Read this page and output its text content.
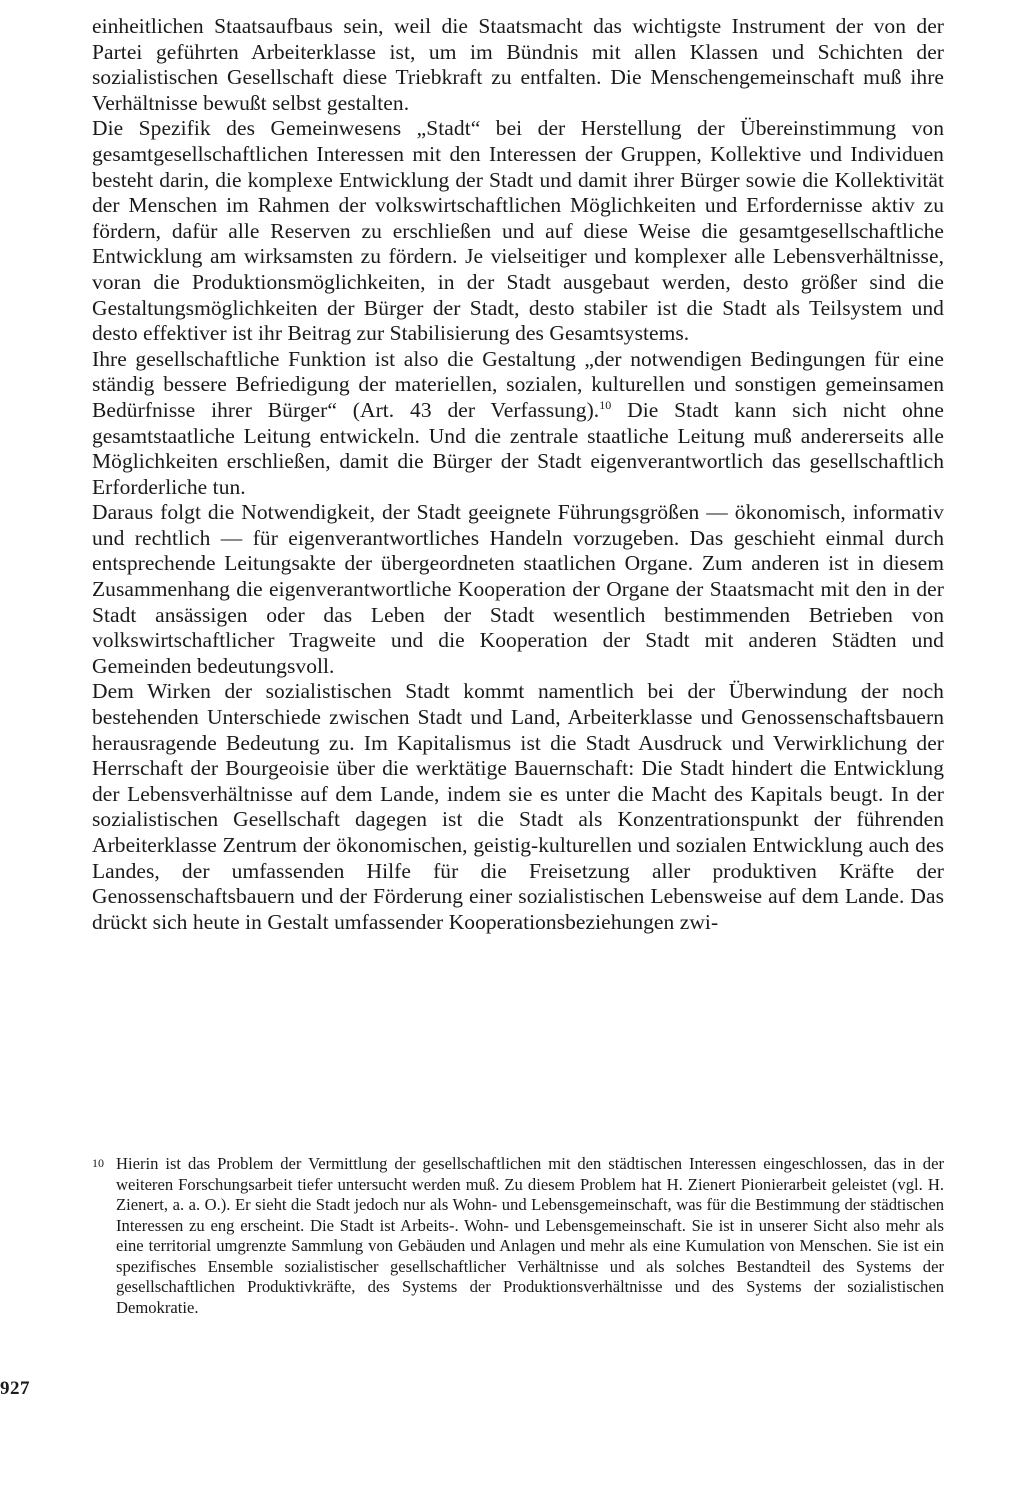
einheitlichen Staatsaufbaus sein, weil die Staatsmacht das wichtigste Instrument der von der Partei geführten Arbeiterklasse ist, um im Bündnis mit allen Klassen und Schichten der sozialistischen Gesellschaft diese Triebkraft zu entfalten. Die Menschengemeinschaft muß ihre Verhältnisse bewußt selbst gestalten.

Die Spezifik des Gemeinwesens „Stadt“ bei der Herstellung der Übereinstimmung von gesamtgesellschaftlichen Interessen mit den Interessen der Gruppen, Kollektive und Individuen besteht darin, die komplexe Entwicklung der Stadt und damit ihrer Bürger sowie die Kollektivität der Menschen im Rahmen der volkswirtschaftlichen Möglichkeiten und Erfordernisse aktiv zu fördern, dafür alle Reserven zu erschließen und auf diese Weise die gesamtgesellschaftliche Entwicklung am wirksamsten zu fördern. Je vielseitiger und komplexer alle Lebensverhältnisse, voran die Produktionsmöglichkeiten, in der Stadt ausgebaut werden, desto größer sind die Gestaltungsmöglichkeiten der Bürger der Stadt, desto stabiler ist die Stadt als Teilsystem und desto effektiver ist ihr Beitrag zur Stabilisierung des Gesamtsystems.

Ihre gesellschaftliche Funktion ist also die Gestaltung „der notwendigen Bedingungen für eine ständig bessere Befriedigung der materiellen, sozialen, kulturellen und sonstigen gemeinsamen Bedürfnisse ihrer Bürger“ (Art. 43 der Verfassung).$^{10}$ Die Stadt kann sich nicht ohne gesamtstaatliche Leitung entwickeln. Und die zentrale staatliche Leitung muß andererseits alle Möglichkeiten erschließen, damit die Bürger der Stadt eigenverantwortlich das gesellschaftlich Erforderliche tun.

Daraus folgt die Notwendigkeit, der Stadt geeignete Führungsgrößen — ökonomisch, informativ und rechtlich — für eigenverantwortliches Handeln vorzugeben. Das geschieht einmal durch entsprechende Leitungsakte der übergeordneten staatlichen Organe. Zum anderen ist in diesem Zusammenhang die eigenverantwortliche Kooperation der Organe der Staatsmacht mit den in der Stadt ansässigen oder das Leben der Stadt wesentlich bestimmenden Betrieben von volkswirtschaftlicher Tragweite und die Kooperation der Stadt mit anderen Städten und Gemeinden bedeutungsvoll.

Dem Wirken der sozialistischen Stadt kommt namentlich bei der Überwindung der noch bestehenden Unterschiede zwischen Stadt und Land, Arbeiterklasse und Genossenschaftsbauern herausragende Bedeutung zu. Im Kapitalismus ist die Stadt Ausdruck und Verwirklichung der Herrschaft der Bourgeoisie über die werktätige Bauernschaft: Die Stadt hindert die Entwicklung der Lebensverhältnisse auf dem Lande, indem sie es unter die Macht des Kapitals beugt. In der sozialistischen Gesellschaft dagegen ist die Stadt als Konzentrationspunkt der führenden Arbeiterklasse Zentrum der ökonomischen, geistig-kulturellen und sozialen Entwicklung auch des Landes, der umfassenden Hilfe für die Freisetzung aller produktiven Kräfte der Genossenschaftsbauern und der Förderung einer sozialistischen Lebensweise auf dem Lande. Das drückt sich heute in Gestalt umfassender Kooperationsbeziehungen zwi-

10 Hierin ist das Problem der Vermittlung der gesellschaftlichen mit den städtischen Interessen eingeschlossen, das in der weiteren Forschungsarbeit tiefer untersucht werden muß. Zu diesem Problem hat H. Zienert Pionierarbeit geleistet (vgl. H. Zienert, a. a. O.). Er sieht die Stadt jedoch nur als Wohn- und Lebensgemeinschaft, was für die Bestimmung der städtischen Interessen zu eng erscheint. Die Stadt ist Arbeits-. Wohn- und Lebensgemeinschaft. Sie ist in unserer Sicht also mehr als eine territorial umgrenzte Sammlung von Gebäuden und Anlagen und mehr als eine Kumulation von Menschen. Sie ist ein spezifisches Ensemble sozialistischer gesellschaftlicher Verhältnisse und als solches Bestandteil des Systems der gesellschaftlichen Produktivkräfte, des Systems der Produktionsverhältnisse und des Systems der sozialistischen Demokratie.
927
